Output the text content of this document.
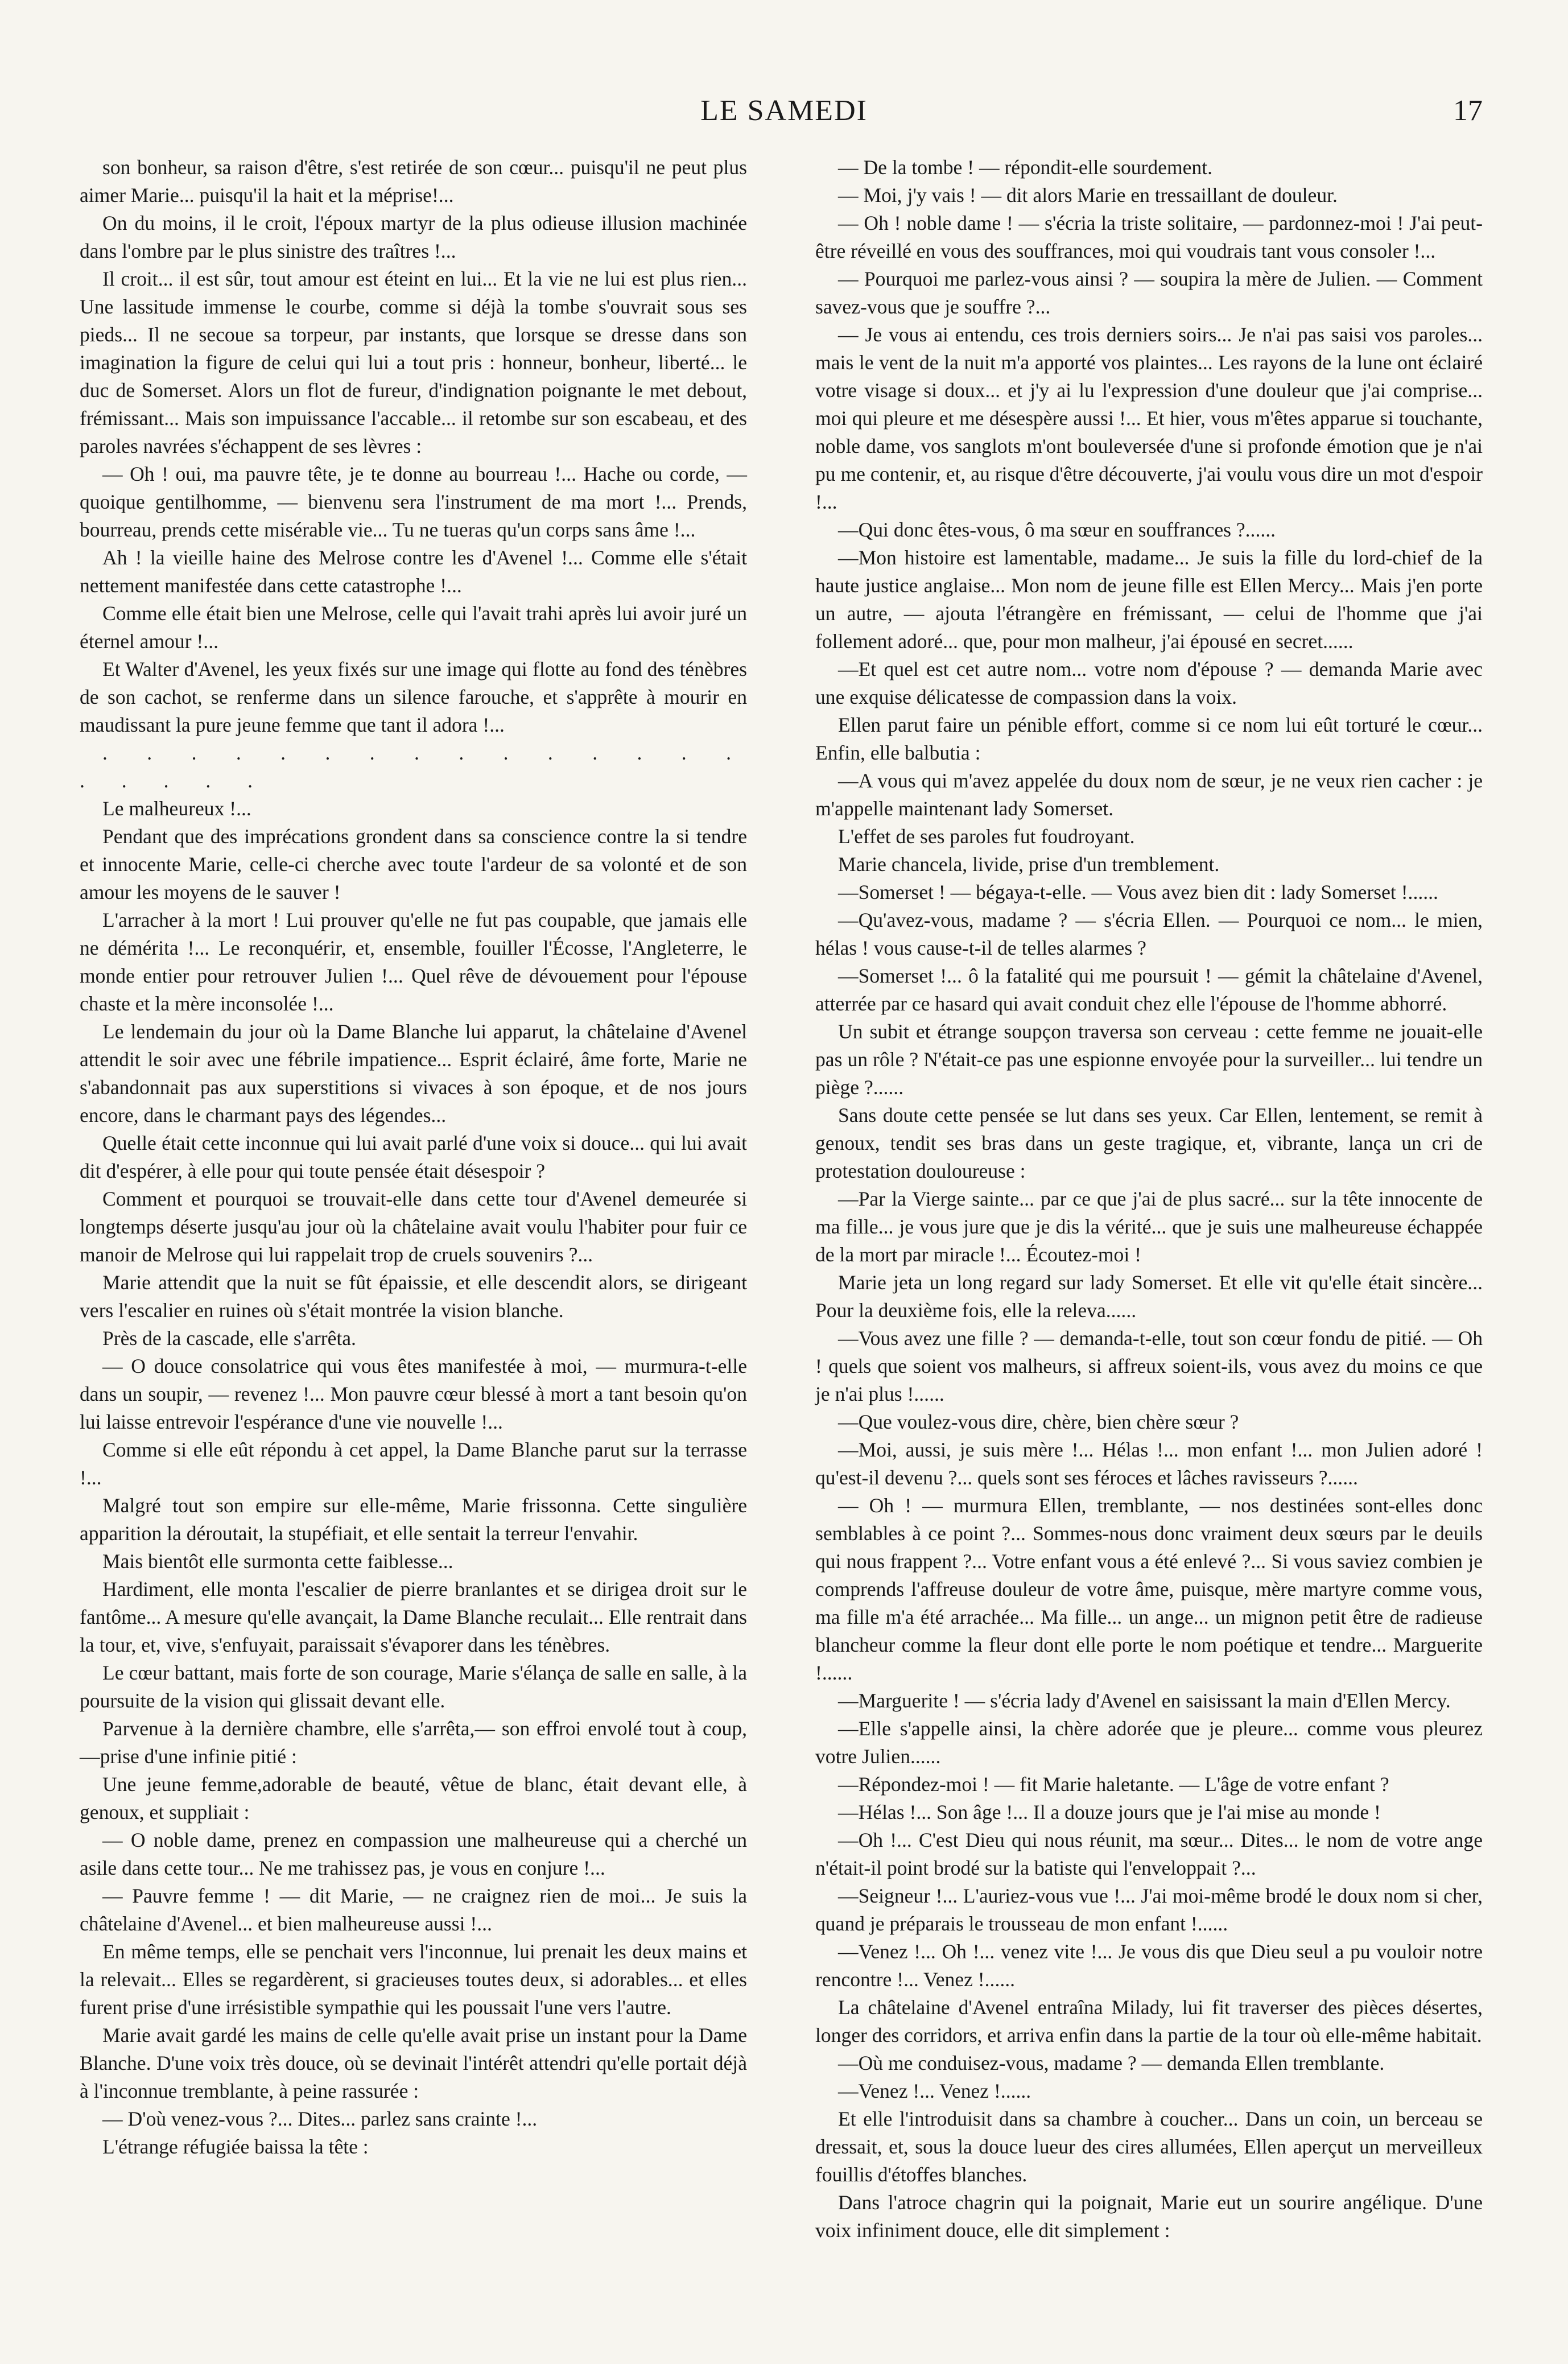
LE SAMEDI	17

son bonheur, sa raison d'être, s'est retirée de son cœur... puisqu'il ne peut plus aimer Marie... puisqu'il la hait et la méprise!...

On du moins, il le croit, l'époux martyr de la plus odieuse illusion machinée dans l'ombre par le plus sinistre des traîtres !...

Il croit... il est sûr, tout amour est éteint en lui... Et la vie ne lui est plus rien... Une lassitude immense le courbe, comme si déjà la tombe s'ouvrait sous ses pieds... Il ne secoue sa torpeur, par instants, que lorsque se dresse dans son imagination la figure de celui qui lui a tout pris : honneur, bonheur, liberté... le duc de Somerset. Alors un flot de fureur, d'indignation poignante le met debout, frémissant... Mais son impuissance l'accable... il retombe sur son escabeau, et des paroles navrées s'échappent de ses lèvres :

— Oh ! oui, ma pauvre tête, je te donne au bourreau !... Hache ou corde, — quoique gentilhomme, — bienvenu sera l'instrument de ma mort !... Prends, bourreau, prends cette misérable vie... Tu ne tueras qu'un corps sans âme !...

Ah ! la vieille haine des Melrose contre les d'Avenel !... Comme elle s'était nettement manifestée dans cette catastrophe !...

Comme elle était bien une Melrose, celle qui l'avait trahi après lui avoir juré un éternel amour !...

Et Walter d'Avenel, les yeux fixés sur une image qui flotte au fond des ténèbres de son cachot, se renferme dans un silence farouche, et s'apprête à mourir en maudissant la pure jeune femme que tant il adora !...

. . . . . . . . . . . . . . . . . . . .

Le malheureux !...

Pendant que des imprécations grondent dans sa conscience contre la si tendre et innocente Marie, celle-ci cherche avec toute l'ardeur de sa volonté et de son amour les moyens de le sauver !

L'arracher à la mort ! Lui prouver qu'elle ne fut pas coupable, que jamais elle ne démérita !... Le reconquérir, et, ensemble, fouiller l'Écosse, l'Angleterre, le monde entier pour retrouver Julien !... Quel rêve de dévouement pour l'épouse chaste et la mère inconsolée !...

Le lendemain du jour où la Dame Blanche lui apparut, la châtelaine d'Avenel attendit le soir avec une fébrile impatience... Esprit éclairé, âme forte, Marie ne s'abandonnait pas aux superstitions si vivaces à son époque, et de nos jours encore, dans le charmant pays des légendes...

Quelle était cette inconnue qui lui avait parlé d'une voix si douce... qui lui avait dit d'espérer, à elle pour qui toute pensée était désespoir ?

Comment et pourquoi se trouvait-elle dans cette tour d'Avenel demeurée si longtemps déserte jusqu'au jour où la châtelaine avait voulu l'habiter pour fuir ce manoir de Melrose qui lui rappelait trop de cruels souvenirs ?...

Marie attendit que la nuit se fût épaissie, et elle descendit alors, se dirigeant vers l'escalier en ruines où s'était montrée la vision blanche.

Près de la cascade, elle s'arrêta.

— O douce consolatrice qui vous êtes manifestée à moi, — murmura-t-elle dans un soupir, — revenez !... Mon pauvre cœur blessé à mort a tant besoin qu'on lui laisse entrevoir l'espérance d'une vie nouvelle !...

Comme si elle eût répondu à cet appel, la Dame Blanche parut sur la terrasse !...

Malgré tout son empire sur elle-même, Marie frissonna. Cette singulière apparition la déroutait, la stupéfiait, et elle sentait la terreur l'envahir.

Mais bientôt elle surmonta cette faiblesse...

Hardiment, elle monta l'escalier de pierre branlantes et se dirigea droit sur le fantôme... A mesure qu'elle avançait, la Dame Blanche reculait... Elle rentrait dans la tour, et, vive, s'enfuyait, paraissait s'évaporer dans les ténèbres.

Le cœur battant, mais forte de son courage, Marie s'élança de salle en salle, à la poursuite de la vision qui glissait devant elle.

Parvenue à la dernière chambre, elle s'arrêta,— son effroi envolé tout à coup, —prise d'une infinie pitié :

Une jeune femme,adorable de beauté, vêtue de blanc, était devant elle, à genoux, et suppliait :

— O noble dame, prenez en compassion une malheureuse qui a cherché un asile dans cette tour... Ne me trahissez pas, je vous en conjure !...

— Pauvre femme ! — dit Marie, — ne craignez rien de moi... Je suis la châtelaine d'Avenel... et bien malheureuse aussi !...

En même temps, elle se penchait vers l'inconnue, lui prenait les deux mains et la relevait... Elles se regardèrent, si gracieuses toutes deux, si adorables... et elles furent prise d'une irrésistible sympathie qui les poussait l'une vers l'autre.

Marie avait gardé les mains de celle qu'elle avait prise un instant pour la Dame Blanche. D'une voix très douce, où se devinait l'intérêt attendri qu'elle portait déjà à l'inconnue tremblante, à peine rassurée :

— D'où venez-vous ?... Dites... parlez sans crainte !...

L'étrange réfugiée baissa la tête :

— De la tombe ! — répondit-elle sourdement.

— Moi, j'y vais ! — dit alors Marie en tressaillant de douleur.

— Oh ! noble dame ! — s'écria la triste solitaire, — pardonnez-moi ! J'ai peut-être réveillé en vous des souffrances, moi qui voudrais tant vous consoler !...

— Pourquoi me parlez-vous ainsi ? — soupira la mère de Julien. — Comment savez-vous que je souffre ?...

— Je vous ai entendu, ces trois derniers soirs... Je n'ai pas saisi vos paroles... mais le vent de la nuit m'a apporté vos plaintes... Les rayons de la lune ont éclairé votre visage si doux... et j'y ai lu l'expression d'une douleur que j'ai comprise... moi qui pleure et me désespère aussi !... Et hier, vous m'êtes apparue si touchante, noble dame, vos sanglots m'ont bouleversée d'une si profonde émotion que je n'ai pu me contenir, et, au risque d'être découverte, j'ai voulu vous dire un mot d'espoir !...

—Qui donc êtes-vous, ô ma sœur en souffrances ?......

—Mon histoire est lamentable, madame... Je suis la fille du lord-chief de la haute justice anglaise... Mon nom de jeune fille est Ellen Mercy... Mais j'en porte un autre, — ajouta l'étrangère en frémissant, — celui de l'homme que j'ai follement adoré... que, pour mon malheur, j'ai épousé en secret......

—Et quel est cet autre nom... votre nom d'épouse ? — demanda Marie avec une exquise délicatesse de compassion dans la voix.

Ellen parut faire un pénible effort, comme si ce nom lui eût torturé le cœur... Enfin, elle balbutia :

—A vous qui m'avez appelée du doux nom de sœur, je ne veux rien cacher : je m'appelle maintenant lady Somerset.

L'effet de ses paroles fut foudroyant.

Marie chancela, livide, prise d'un tremblement.

—Somerset ! — bégaya-t-elle. — Vous avez bien dit : lady Somerset !......

—Qu'avez-vous, madame ? — s'écria Ellen. — Pourquoi ce nom... le mien, hélas ! vous cause-t-il de telles alarmes ?

—Somerset !... ô la fatalité qui me poursuit ! — gémit la châtelaine d'Avenel, atterrée par ce hasard qui avait conduit chez elle l'épouse de l'homme abhorré.

Un subit et étrange soupçon traversa son cerveau : cette femme ne jouait-elle pas un rôle ? N'était-ce pas une espionne envoyée pour la surveiller... lui tendre un piège ?......

Sans doute cette pensée se lut dans ses yeux. Car Ellen, lentement, se remit à genoux, tendit ses bras dans un geste tragique, et, vibrante, lança un cri de protestation douloureuse :

—Par la Vierge sainte... par ce que j'ai de plus sacré... sur la tête innocente de ma fille... je vous jure que je dis la vérité... que je suis une malheureuse échappée de la mort par miracle !... Écoutez-moi !

Marie jeta un long regard sur lady Somerset. Et elle vit qu'elle était sincère... Pour la deuxième fois, elle la releva......

—Vous avez une fille ? — demanda-t-elle, tout son cœur fondu de pitié. — Oh ! quels que soient vos malheurs, si affreux soient-ils, vous avez du moins ce que je n'ai plus !......

—Que voulez-vous dire, chère, bien chère sœur ?

—Moi, aussi, je suis mère !... Hélas !... mon enfant !... mon Julien adoré ! qu'est-il devenu ?... quels sont ses féroces et lâches ravisseurs ?......

— Oh ! — murmura Ellen, tremblante, — nos destinées sont-elles donc semblables à ce point ?... Sommes-nous donc vraiment deux sœurs par le deuils qui nous frappent ?... Votre enfant vous a été enlevé ?... Si vous saviez combien je comprends l'affreuse douleur de votre âme, puisque, mère martyre comme vous, ma fille m'a été arrachée... Ma fille... un ange... un mignon petit être de radieuse blancheur comme la fleur dont elle porte le nom poétique et tendre... Marguerite !......

—Marguerite ! — s'écria lady d'Avenel en saisissant la main d'Ellen Mercy.

—Elle s'appelle ainsi, la chère adorée que je pleure... comme vous pleurez votre Julien......

—Répondez-moi ! — fit Marie haletante. — L'âge de votre enfant ?

—Hélas !... Son âge !... Il a douze jours que je l'ai mise au monde !

—Oh !... C'est Dieu qui nous réunit, ma sœur... Dites... le nom de votre ange n'était-il point brodé sur la batiste qui l'enveloppait ?...

—Seigneur !... L'auriez-vous vue !... J'ai moi-même brodé le doux nom si cher, quand je préparais le trousseau de mon enfant !......

—Venez !... Oh !... venez vite !... Je vous dis que Dieu seul a pu vouloir notre rencontre !... Venez !......

La châtelaine d'Avenel entraîna Milady, lui fit traverser des pièces désertes, longer des corridors, et arriva enfin dans la partie de la tour où elle-même habitait.

—Où me conduisez-vous, madame ? — demanda Ellen tremblante.

—Venez !... Venez !......

Et elle l'introduisit dans sa chambre à coucher... Dans un coin, un berceau se dressait, et, sous la douce lueur des cires allumées, Ellen aperçut un merveilleux fouillis d'étoffes blanches.

Dans l'atroce chagrin qui la poignait, Marie eut un sourire angélique. D'une voix infiniment douce, elle dit simplement :
